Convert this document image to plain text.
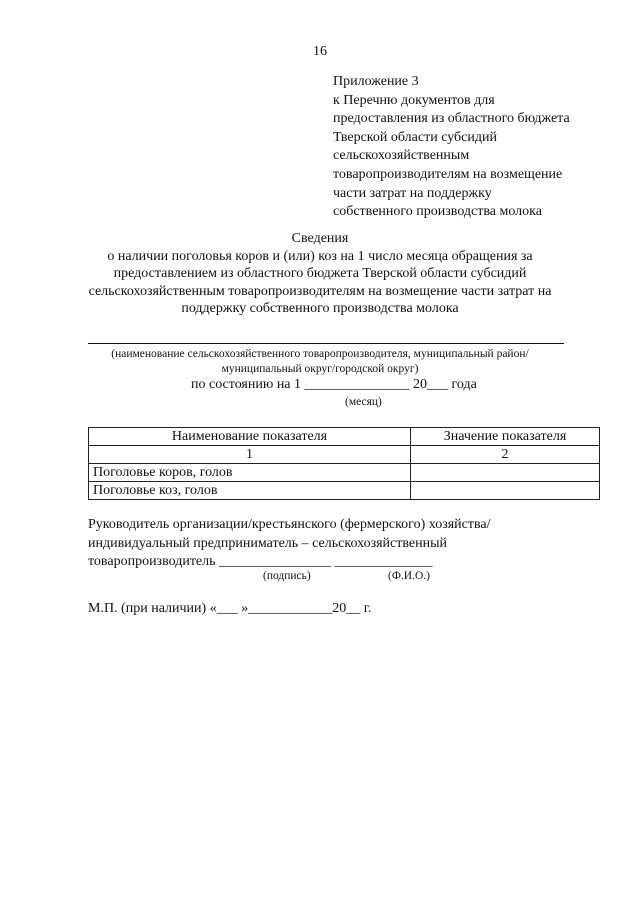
16
Приложение 3
к Перечню документов для
предоставления из областного бюджета
Тверской области субсидий
сельскохозяйственным
товаропроизводителям на возмещение
части затрат на поддержку
собственного производства молока
Сведения
о наличии поголовья коров и (или) коз на 1 число месяца обращения за
предоставлением из областного бюджета Тверской области субсидий
сельскохозяйственным товаропроизводителям на возмещение части затрат на
поддержку собственного производства молока
(наименование сельскохозяйственного товаропроизводителя, муниципальный район/
муниципальный округ/городской округ)
по состоянию на 1 _______________ 20___ года
(месяц)
Наименование показателя	Значение показателя
1	2
Поголовье коров, голов	
Поголовье коз, голов	
Руководитель организации/крестьянского (фермерского) хозяйства/
индивидуальный предприниматель – сельскохозяйственный
товаропроизводитель ________________ ______________
(подпись)	(Ф.И.О.)
М.П. (при наличии) «___ »____________20__ г.
